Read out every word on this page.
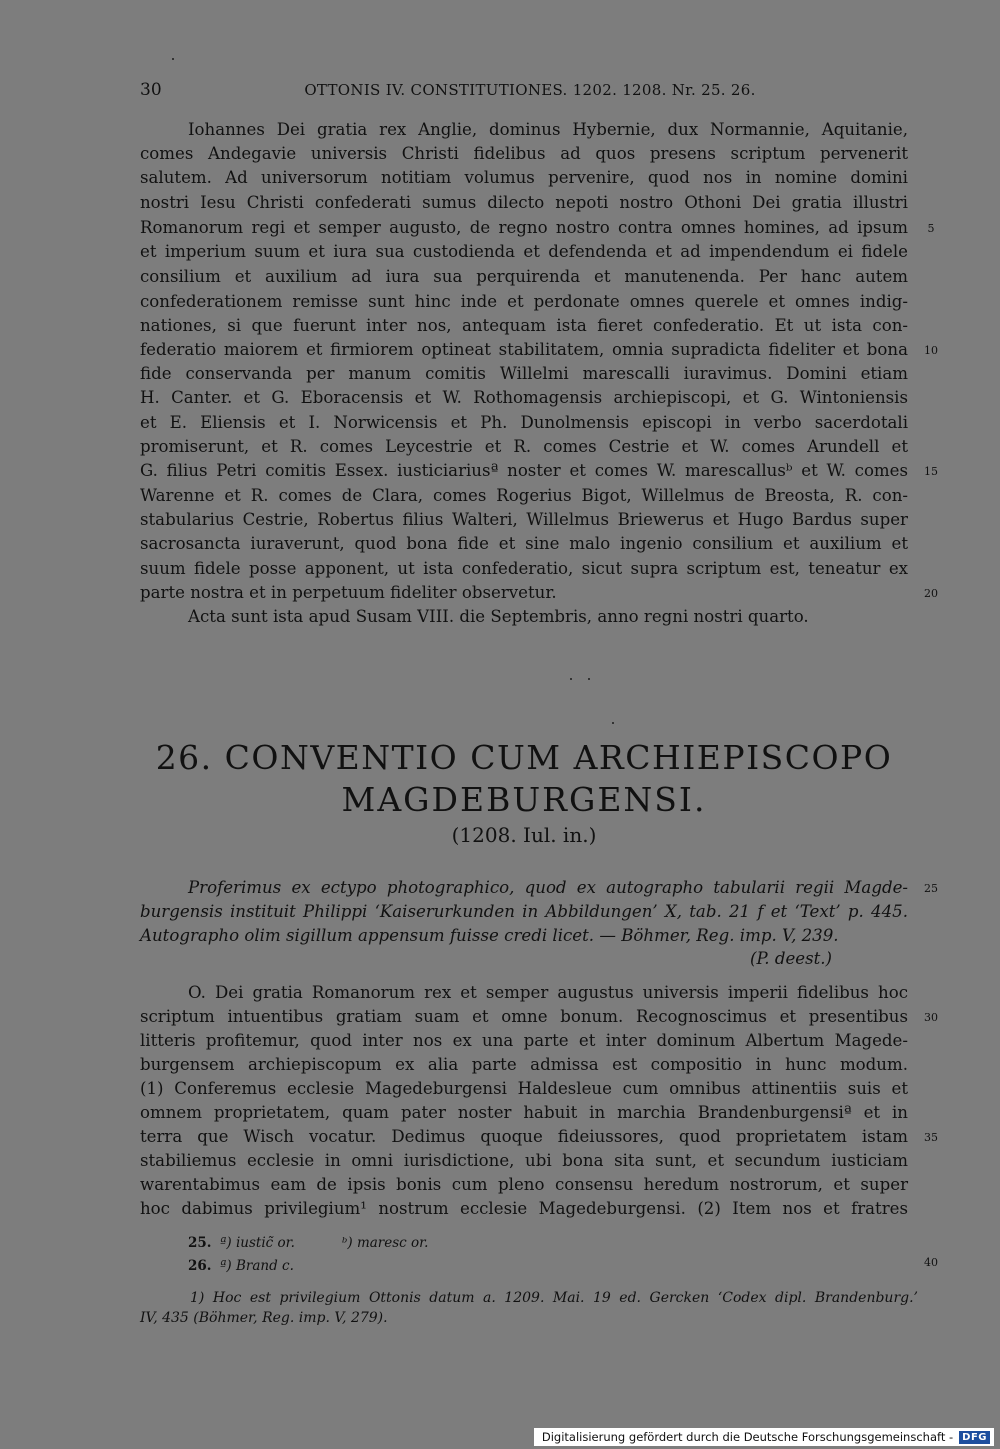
30	OTTONIS IV. CONSTITUTIONES. 1202. 1208. Nr. 25. 26.
Iohannes Dei gratia rex Anglie, dominus Hybernie, dux Normannie, Aquitanie,
comes Andegavie universis Christi fidelibus ad quos presens scriptum pervenerit
salutem. Ad universorum notitiam volumus pervenire, quod nos in nomine domini
nostri Iesu Christi confederati sumus dilecto nepoti nostro Othoni Dei gratia illustri
Romanorum regi et semper augusto, de regno nostro contra omnes homines, ad ipsum
et imperium suum et iura sua custodienda et defendenda et ad impendendum ei fidele
consilium et auxilium ad iura sua perquirenda et manutenenda. Per hanc autem
confederationem remisse sunt hinc inde et perdonate omnes querele et omnes indig-
nationes, si que fuerunt inter nos, antequam ista fieret confederatio. Et ut ista con-
federatio maiorem et firmiorem optineat stabilitatem, omnia supradicta fideliter et bona
fide conservanda per manum comitis Willelmi marescalli iuravimus. Domini etiam
H. Canter. et G. Eboracensis et W. Rothomagensis archiepiscopi, et G. Wintoniensis
et E. Eliensis et I. Norwicensis et Ph. Dunolmensis episcopi in verbo sacerdotali
promiserunt, et R. comes Leycestrie et R. comes Cestrie et W. comes Arundell et
G. filius Petri comitis Essex. iusticiariusª noster et comes W. marescallusᵇ et W. comes
Warenne et R. comes de Clara, comes Rogerius Bigot, Willelmus de Breosta, R. con-
stabularius Cestrie, Robertus filius Walteri, Willelmus Briewerus et Hugo Bardus super
sacrosancta iuraverunt, quod bona fide et sine malo ingenio consilium et auxilium et
suum fidele posse apponent, ut ista confederatio, sicut supra scriptum est, teneatur ex
parte nostra et in perpetuum fideliter observetur.
Acta sunt ista apud Susam VIII. die Septembris, anno regni nostri quarto.
5
10
15
20
26. CONVENTIO CUM ARCHIEPISCOPO
MAGDEBURGENSI.
(1208. Iul. in.)
Proferimus ex ectypo photographico, quod ex autographo tabularii regii Magde-
burgensis instituit Philippi ‘Kaiserurkunden in Abbildungen’ X, tab. 21 f et ‘Text’ p. 445.
Autographo olim sigillum appensum fuisse credi licet. — Böhmer, Reg. imp. V, 239.
(P. deest.)
25
O. Dei gratia Romanorum rex et semper augustus universis imperii fidelibus hoc
scriptum intuentibus gratiam suam et omne bonum. Recognoscimus et presentibus
litteris profitemur, quod inter nos ex una parte et inter dominum Albertum Magede-
burgensem archiepiscopum ex alia parte admissa est compositio in hunc modum.
(1) Conferemus ecclesie Magedeburgensi Haldesleue cum omnibus attinentiis suis et
omnem proprietatem, quam pater noster habuit in marchia Brandenburgensiª et in
terra que Wisch vocatur. Dedimus quoque fideiussores, quod proprietatem istam
stabiliemus ecclesie in omni iurisdictione, ubi bona sita sunt, et secundum iusticiam
warentabimus eam de ipsis bonis cum pleno consensu heredum nostrorum, et super
hoc dabimus privilegium¹ nostrum ecclesie Magedeburgensi. (2) Item nos et fratres
30
35
40
25. ª) iustic̃ or.	ᵇ) maresc or.
26. ª) Brand c.
1) Hoc est privilegium Ottonis datum a. 1209. Mai. 19 ed. Gercken ‘Codex dipl. Brandenburg.’
IV, 435 (Böhmer, Reg. imp. V, 279).
Digitalisierung gefördert durch die Deutsche Forschungsgemeinschaft - DFG
